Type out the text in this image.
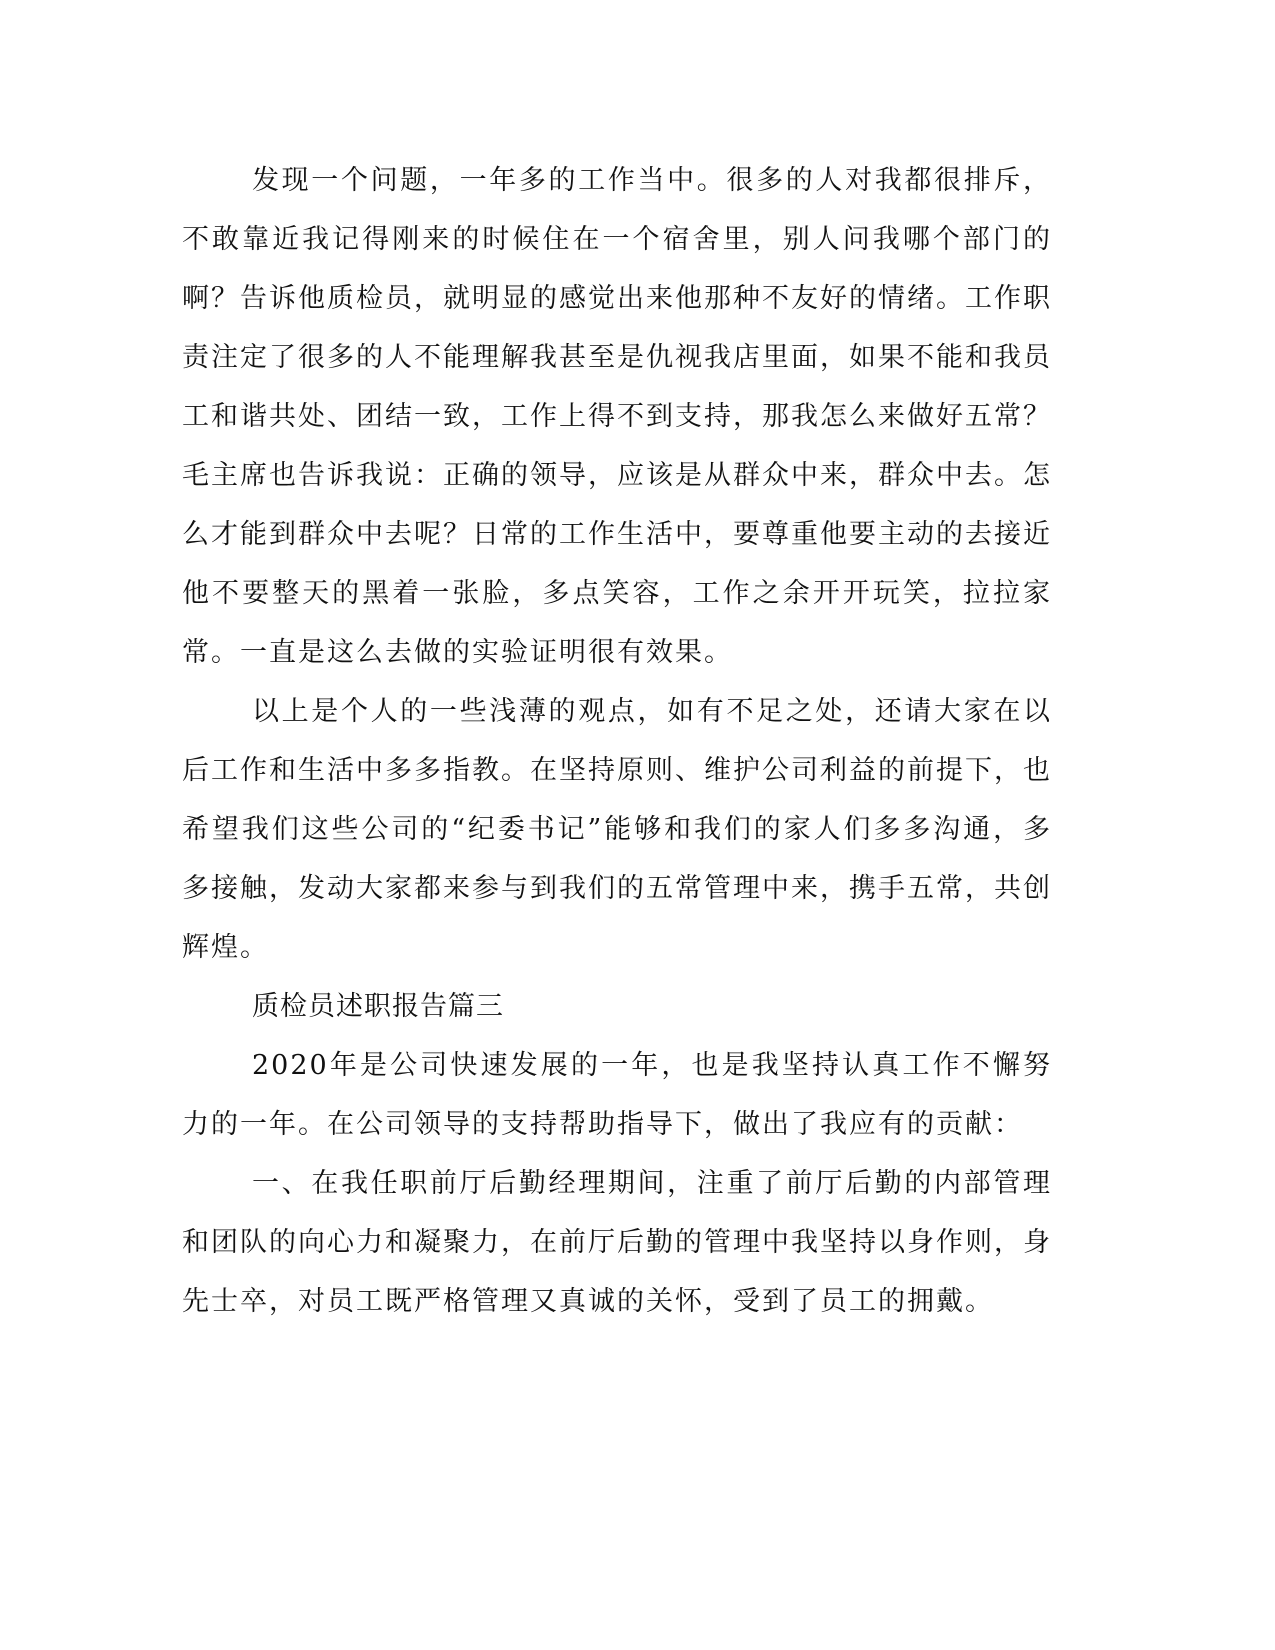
发现一个问题，一年多的工作当中。很多的人对我都很排斥，不敢靠近我记得刚来的时候住在一个宿舍里，别人问我哪个部门的啊？告诉他质检员，就明显的感觉出来他那种不友好的情绪。工作职责注定了很多的人不能理解我甚至是仇视我店里面，如果不能和我员工和谐共处、团结一致，工作上得不到支持，那我怎么来做好五常？毛主席也告诉我说：正确的领导，应该是从群众中来，群众中去。怎么才能到群众中去呢？日常的工作生活中，要尊重他要主动的去接近他不要整天的黑着一张脸，多点笑容，工作之余开开玩笑，拉拉家常。一直是这么去做的实验证明很有效果。

以上是个人的一些浅薄的观点，如有不足之处，还请大家在以后工作和生活中多多指教。在坚持原则、维护公司利益的前提下，也希望我们这些公司的“纪委书记”能够和我们的家人们多多沟通，多多接触，发动大家都来参与到我们的五常管理中来，携手五常，共创辉煌。

质检员述职报告篇三

2020年是公司快速发展的一年，也是我坚持认真工作不懈努力的一年。在公司领导的支持帮助指导下，做出了我应有的贡献：

一、在我任职前厅后勤经理期间，注重了前厅后勤的内部管理和团队的向心力和凝聚力，在前厅后勤的管理中我坚持以身作则，身先士卒，对员工既严格管理又真诚的关怀，受到了员工的拥戴。
